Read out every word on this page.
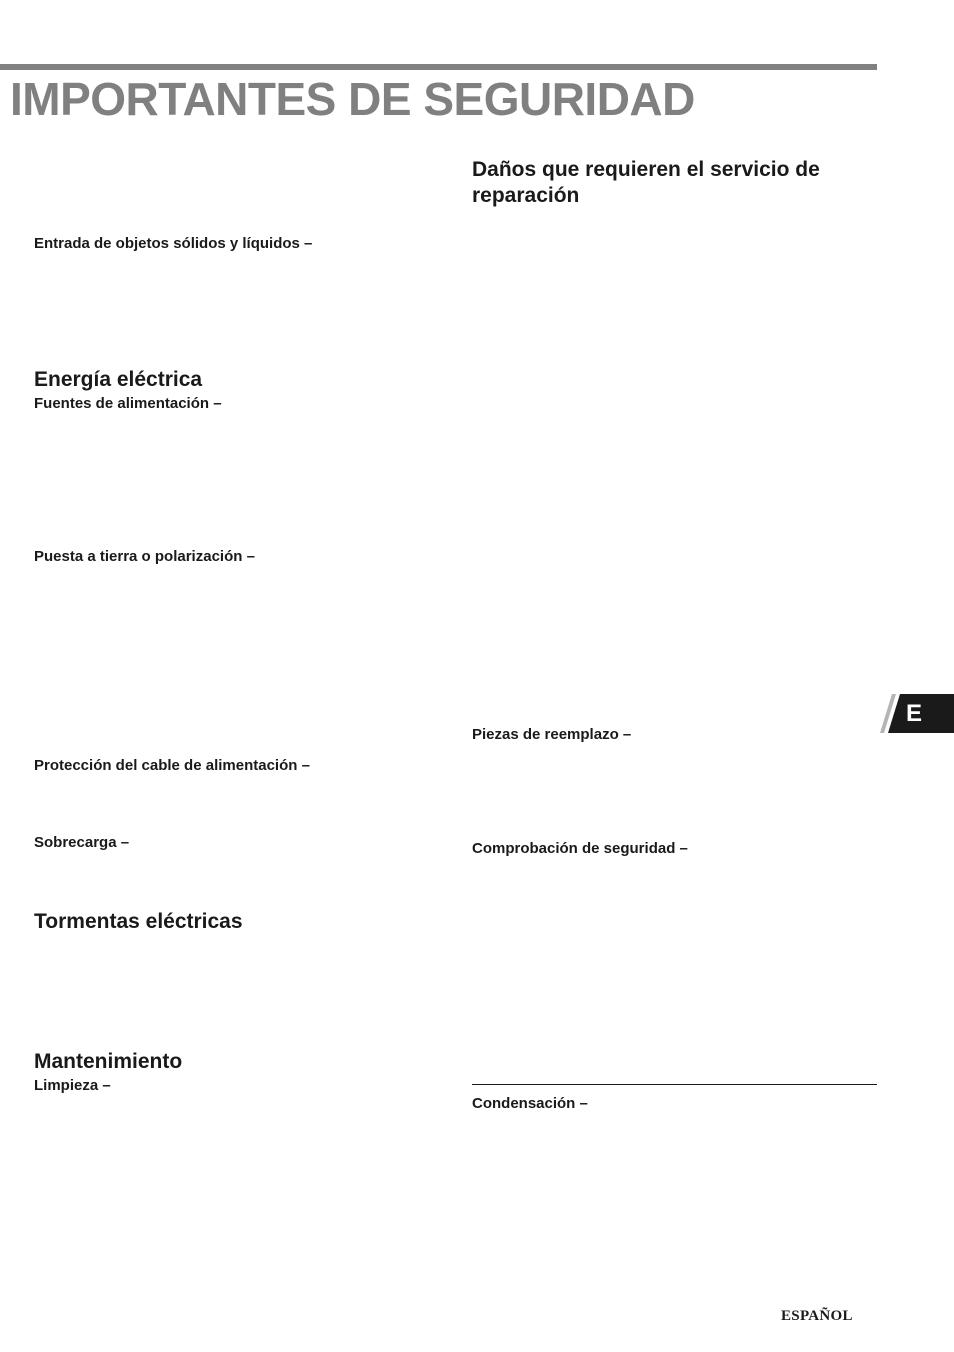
IMPORTANTES DE SEGURIDAD
Entrada de objetos sólidos y líquidos –
Energía eléctrica
Fuentes de alimentación –
Puesta a tierra o polarización –
Protección del cable de alimentación –
Sobrecarga –
Tormentas eléctricas
Mantenimiento
Limpieza –
Daños que requieren el servicio de reparación
Piezas de reemplazo –
Comprobación de seguridad –
Condensación –
E
ESPAÑOL
